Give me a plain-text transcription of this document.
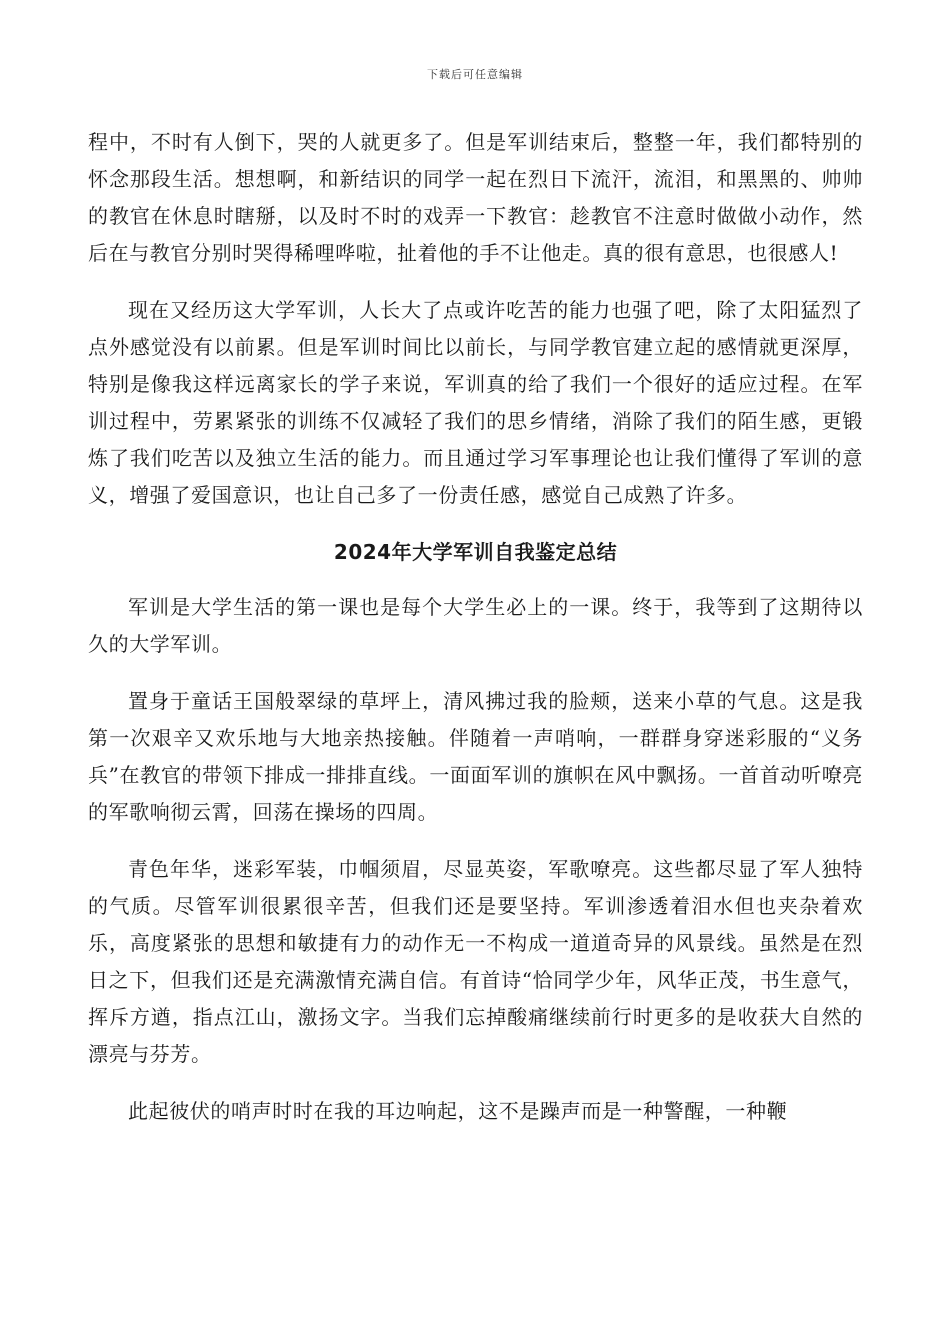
下载后可任意编辑

程中，不时有人倒下，哭的人就更多了。但是军训结束后，整整一年，我们都特别的怀念那段生活。想想啊，和新结识的同学一起在烈日下流汗，流泪，和黑黑的、帅帅的教官在休息时瞎掰，以及时不时的戏弄一下教官：趁教官不注意时做做小动作，然后在与教官分别时哭得稀哩哗啦，扯着他的手不让他走。真的很有意思，也很感人!

现在又经历这大学军训，人长大了点或许吃苦的能力也强了吧，除了太阳猛烈了点外感觉没有以前累。但是军训时间比以前长，与同学教官建立起的感情就更深厚，特别是像我这样远离家长的学子来说，军训真的给了我们一个很好的适应过程。在军训过程中，劳累紧张的训练不仅减轻了我们的思乡情绪，消除了我们的陌生感，更锻炼了我们吃苦以及独立生活的能力。而且通过学习军事理论也让我们懂得了军训的意义，增强了爱国意识，也让自己多了一份责任感，感觉自己成熟了许多。

2024年大学军训自我鉴定总结

军训是大学生活的第一课也是每个大学生必上的一课。终于，我等到了这期待以久的大学军训。

置身于童话王国般翠绿的草坪上，清风拂过我的脸颊，送来小草的气息。这是我第一次艰辛又欢乐地与大地亲热接触。伴随着一声哨响，一群群身穿迷彩服的“义务兵”在教官的带领下排成一排排直线。一面面军训的旗帜在风中飘扬。一首首动听嘹亮的军歌响彻云霄，回荡在操场的四周。

青色年华，迷彩军装，巾帼须眉，尽显英姿，军歌嘹亮。这些都尽显了军人独特的气质。尽管军训很累很辛苦，但我们还是要坚持。军训渗透着泪水但也夹杂着欢乐，高度紧张的思想和敏捷有力的动作无一不构成一道道奇异的风景线。虽然是在烈日之下，但我们还是充满激情充满自信。有首诗“恰同学少年，风华正茂，书生意气，挥斥方遒，指点江山，激扬文字。当我们忘掉酸痛继续前行时更多的是收获大自然的漂亮与芬芳。

此起彼伏的哨声时时在我的耳边响起，这不是躁声而是一种警醒，一种鞭
